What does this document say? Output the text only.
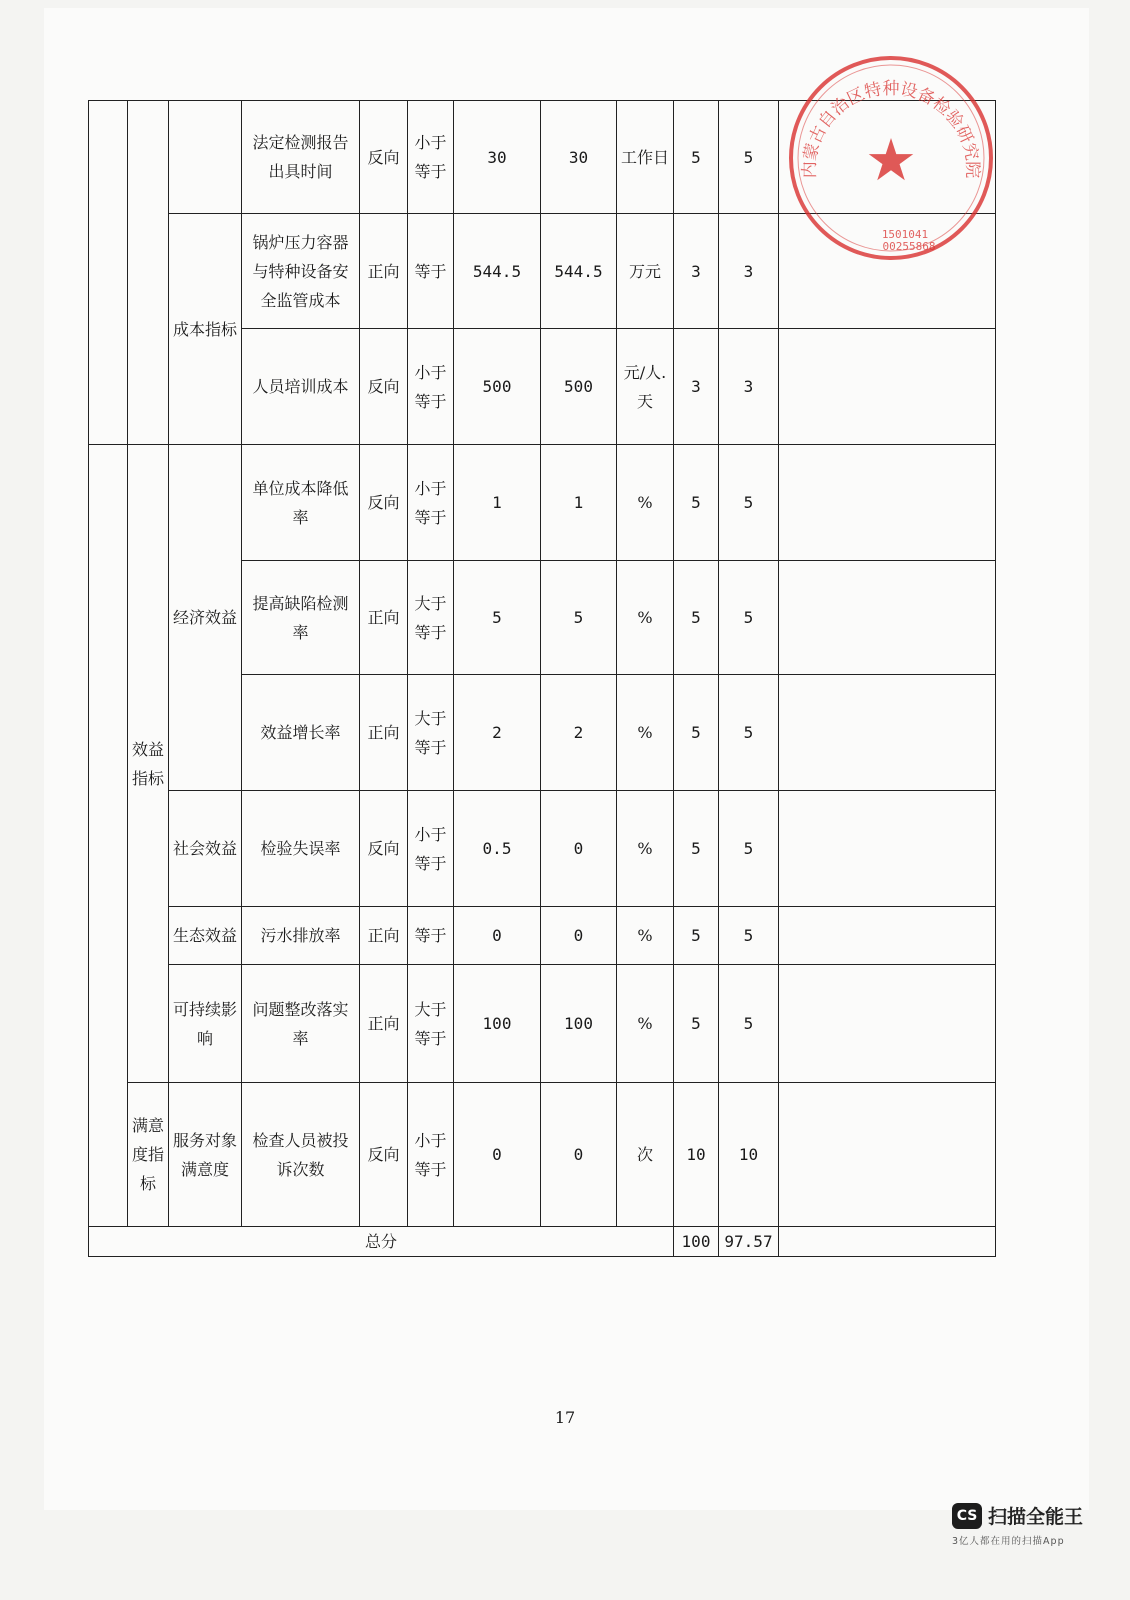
			法定检测报告出具时间	反向	小于等于	30	30	工作日	5	5	
		成本指标	锅炉压力容器与特种设备安全监管成本	正向	等于	544.5	544.5	万元	3	3	
			人员培训成本	反向	小于等于	500	500	元/人.天	3	3	
	效益指标	经济效益	单位成本降低率	反向	小于等于	1	1	%	5	5	
			提高缺陷检测率	正向	大于等于	5	5	%	5	5	
			效益增长率	正向	大于等于	2	2	%	5	5	
		社会效益	检验失误率	反向	小于等于	0.5	0	%	5	5	
		生态效益	污水排放率	正向	等于	0	0	%	5	5	
		可持续影响	问题整改落实率	正向	大于等于	100	100	%	5	5	
	满意度指标	服务对象满意度	检查人员被投诉次数	反向	小于等于	0	0	次	10	10	
总分									100	97.57	
内蒙古自治区特种设备检验研究院
★
1501041
00255868
17
CS 扫描全能王
3亿人都在用的扫描App
